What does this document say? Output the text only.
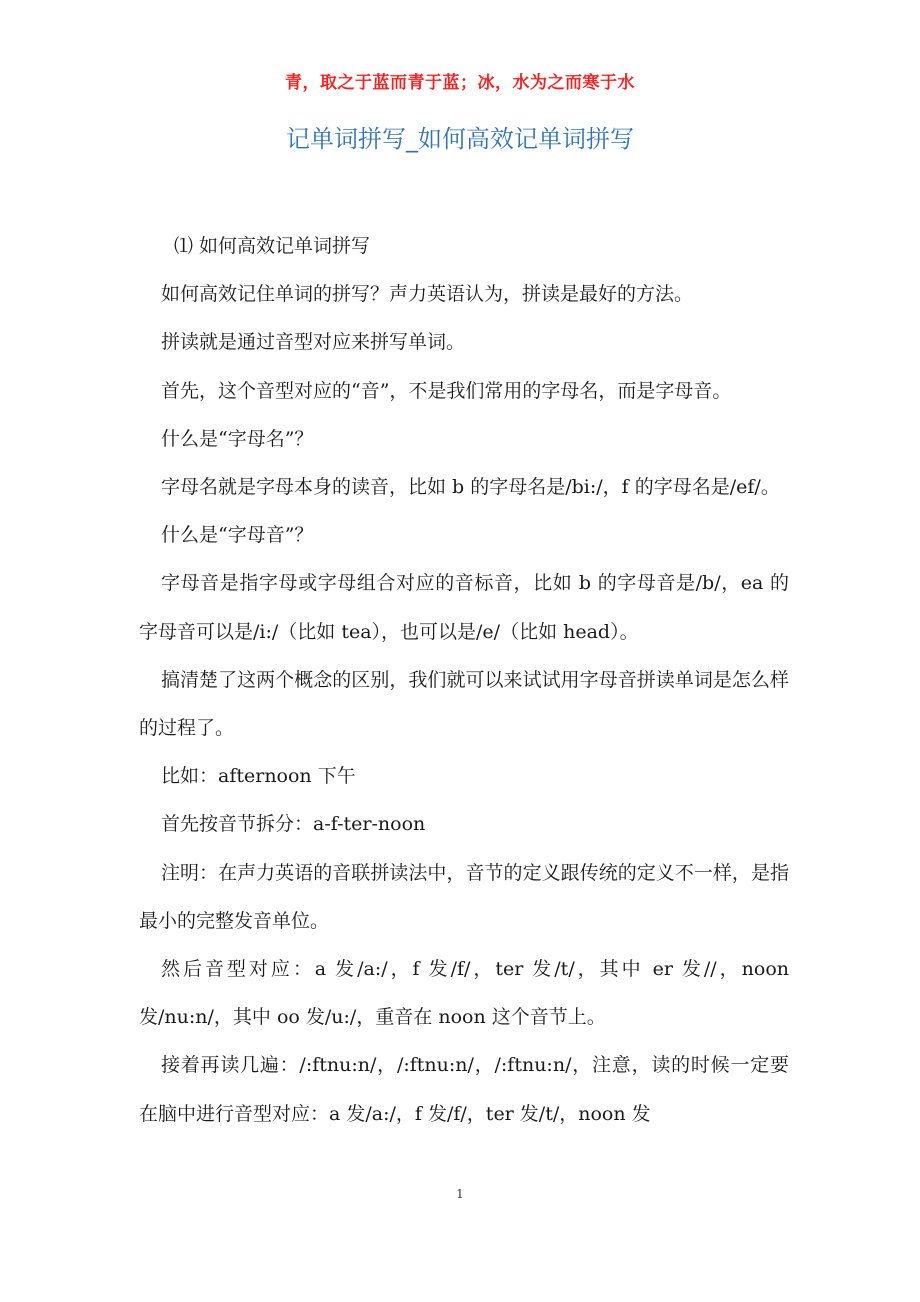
青，取之于蓝而青于蓝；冰，水为之而寒于水
记单词拼写_如何高效记单词拼写

⑴ 如何高效记单词拼写

如何高效记住单词的拼写？声力英语认为，拼读是最好的方法。

拼读就是通过音型对应来拼写单词。

首先，这个音型对应的“音”，不是我们常用的字母名，而是字母音。

什么是“字母名”？

字母名就是字母本身的读音，比如 b 的字母名是/bi:/，f 的字母名是/ef/。

什么是“字母音”？

字母音是指字母或字母组合对应的音标音，比如 b 的字母音是/b/，ea 的字母音可以是/i:/（比如 tea），也可以是/e/（比如 head）。

搞清楚了这两个概念的区别，我们就可以来试试用字母音拼读单词是怎么样的过程了。

比如：afternoon 下午

首先按音节拆分：a-f-ter-noon

注明：在声力英语的音联拼读法中，音节的定义跟传统的定义不一样，是指最小的完整发音单位。

然后音型对应：a 发/a:/，f 发/f/，ter 发/t/，其中 er 发//，noon 发/nu:n/，其中 oo 发/u:/，重音在 noon 这个音节上。

接着再读几遍：/:ftnu:n/，/:ftnu:n/，/:ftnu:n/，注意，读的时候一定要在脑中进行音型对应：a 发/a:/，f 发/f/，ter 发/t/，noon 发

1
